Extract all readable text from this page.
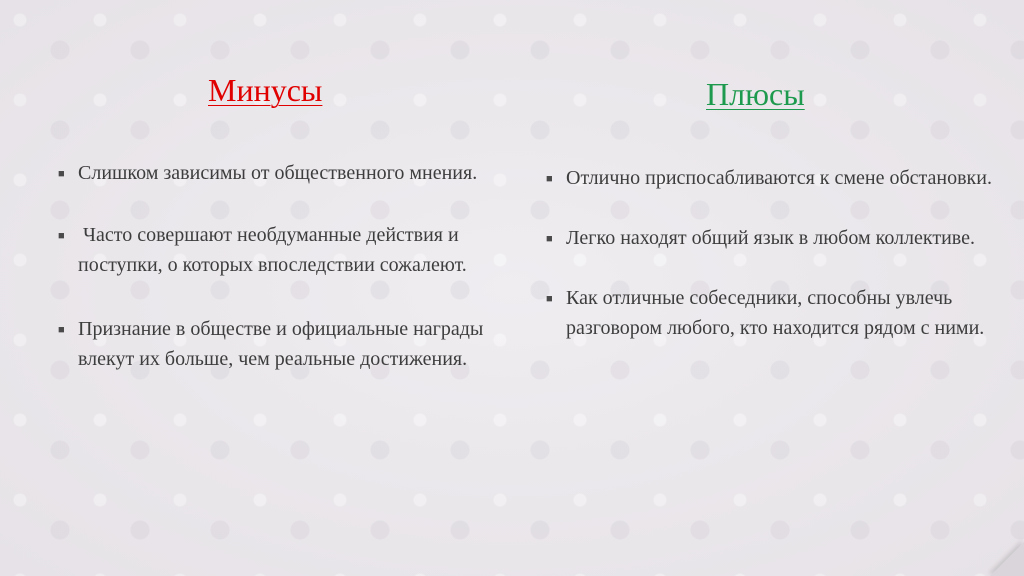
Минусы
■ Слишком зависимы от общественного мнения.
■ Часто совершают необдуманные действия и поступки, о которых впоследствии сожалеют.
■ Признание в обществе и официальные награды влекут их больше, чем реальные достижения.
Плюсы
■ Отлично приспосабливаются к смене обстановки.
■ Легко находят общий язык в любом коллективе.
■ Как отличные собеседники, способны увлечь разговором любого, кто находится рядом с ними.
